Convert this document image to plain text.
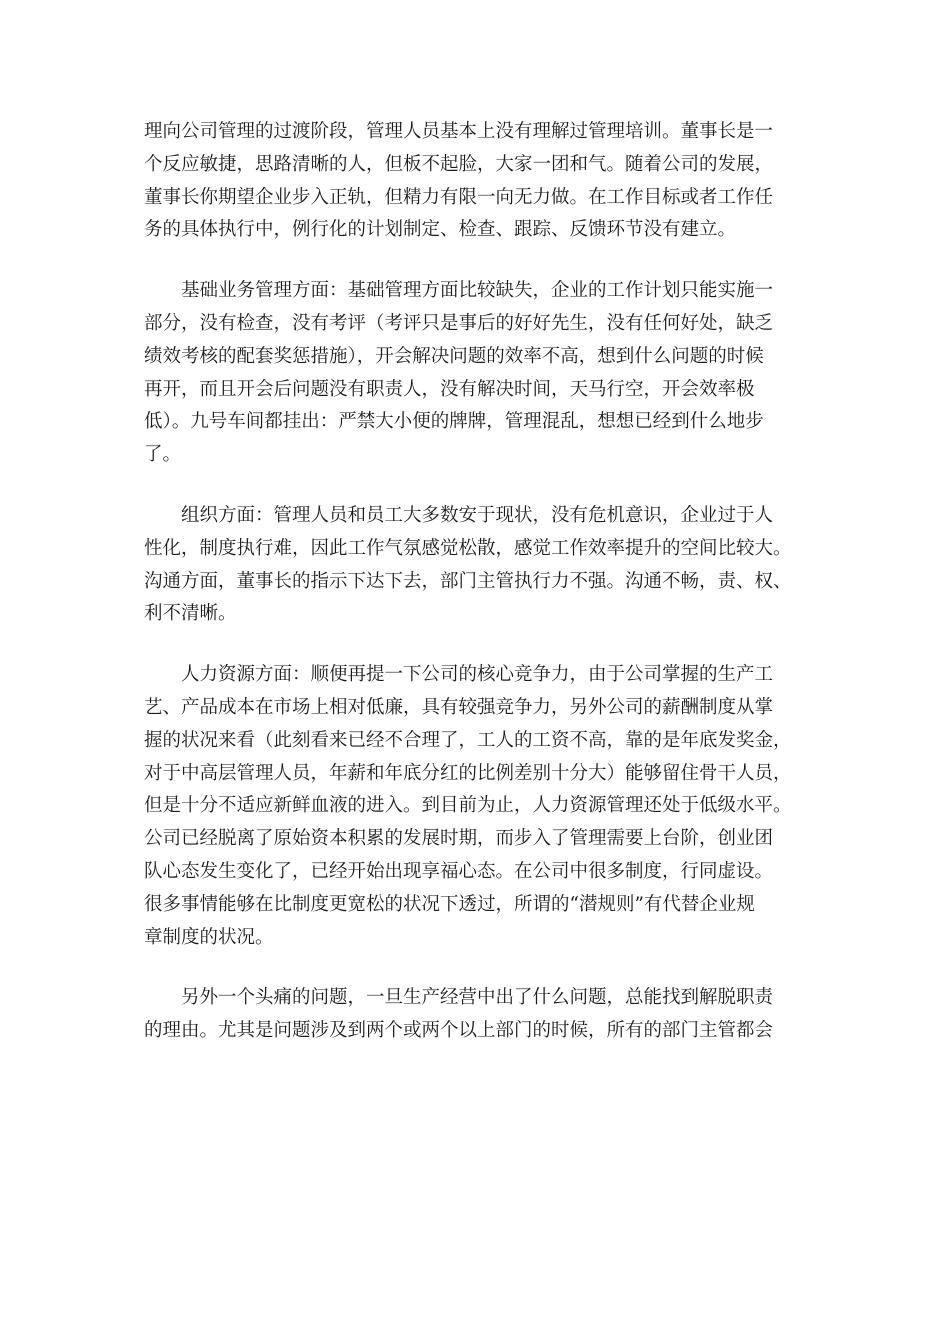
理向公司管理的过渡阶段，管理人员基本上没有理解过管理培训。董事长是一
个反应敏捷，思路清晰的人，但板不起脸，大家一团和气。随着公司的发展，
董事长你期望企业步入正轨，但精力有限一向无力做。在工作目标或者工作任
务的具体执行中，例行化的计划制定、检查、跟踪、反馈环节没有建立。
基础业务管理方面：基础管理方面比较缺失，企业的工作计划只能实施一
部分，没有检查，没有考评（考评只是事后的好好先生，没有任何好处，缺乏
绩效考核的配套奖惩措施），开会解决问题的效率不高，想到什么问题的时候
再开，而且开会后问题没有职责人，没有解决时间，天马行空，开会效率极
低）。九号车间都挂出：严禁大小便的牌牌，管理混乱，想想已经到什么地步
了。
组织方面：管理人员和员工大多数安于现状，没有危机意识，企业过于人
性化，制度执行难，因此工作气氛感觉松散，感觉工作效率提升的空间比较大。
沟通方面，董事长的指示下达下去，部门主管执行力不强。沟通不畅，责、权、
利不清晰。
人力资源方面：顺便再提一下公司的核心竞争力，由于公司掌握的生产工
艺、产品成本在市场上相对低廉，具有较强竞争力，另外公司的薪酬制度从掌
握的状况来看（此刻看来已经不合理了，工人的工资不高，靠的是年底发奖金，
对于中高层管理人员，年薪和年底分红的比例差别十分大）能够留住骨干人员，
但是十分不适应新鲜血液的进入。到目前为止，人力资源管理还处于低级水平。
公司已经脱离了原始资本积累的发展时期，而步入了管理需要上台阶，创业团
队心态发生变化了，已经开始出现享福心态。在公司中很多制度，行同虚设。
很多事情能够在比制度更宽松的状况下透过，所谓的“潜规则”有代替企业规
章制度的状况。
另外一个头痛的问题，一旦生产经营中出了什么问题，总能找到解脱职责
的理由。尤其是问题涉及到两个或两个以上部门的时候，所有的部门主管都会
